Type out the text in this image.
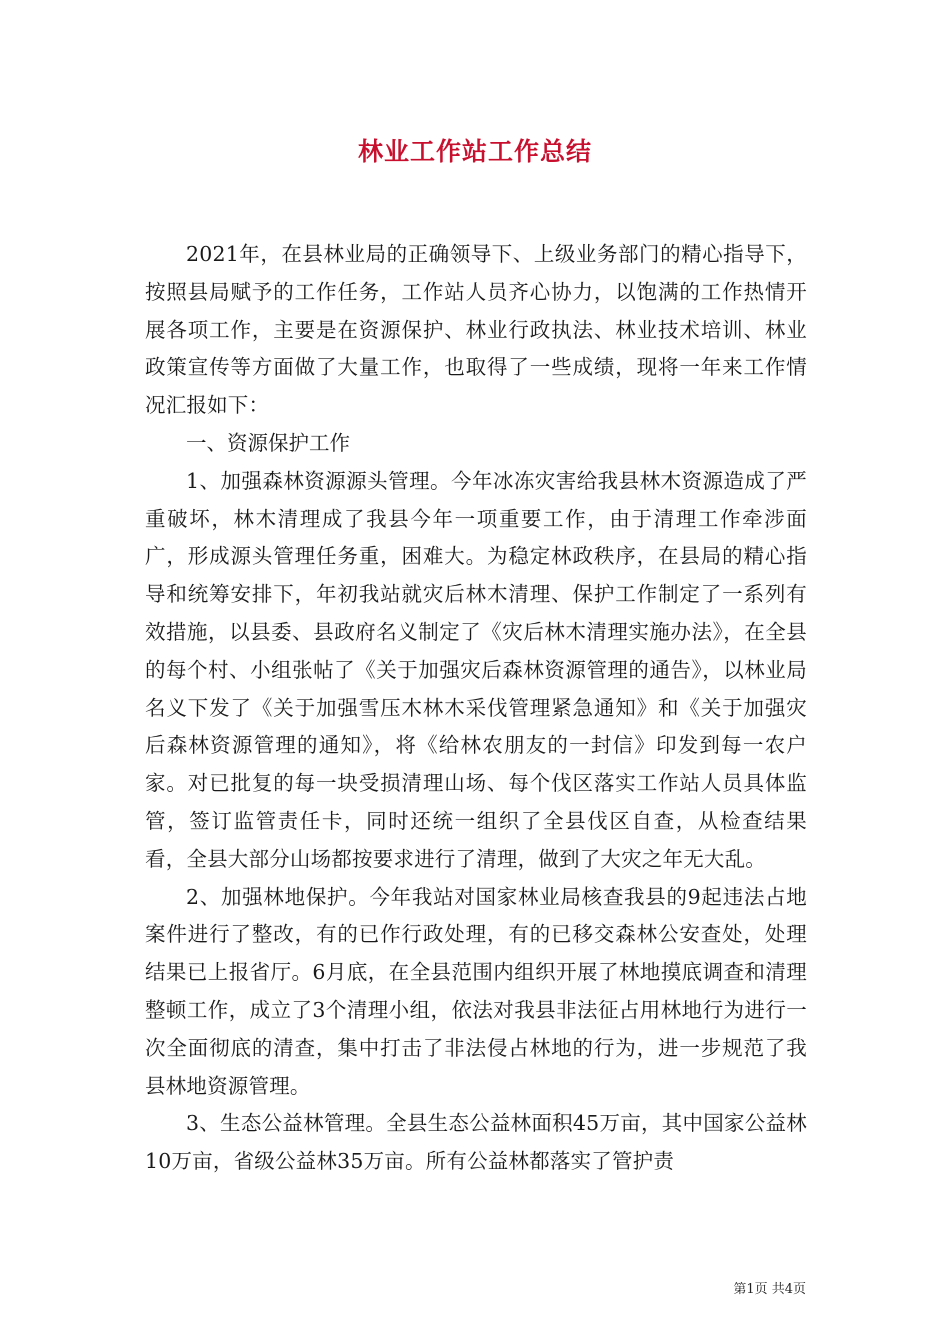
林业工作站工作总结

2021年，在县林业局的正确领导下、上级业务部门的精心指导下，按照县局赋予的工作任务，工作站人员齐心协力，以饱满的工作热情开展各项工作，主要是在资源保护、林业行政执法、林业技术培训、林业政策宣传等方面做了大量工作，也取得了一些成绩，现将一年来工作情况汇报如下：

一、资源保护工作

1、加强森林资源源头管理。今年冰冻灾害给我县林木资源造成了严重破坏，林木清理成了我县今年一项重要工作，由于清理工作牵涉面广，形成源头管理任务重，困难大。为稳定林政秩序，在县局的精心指导和统筹安排下，年初我站就灾后林木清理、保护工作制定了一系列有效措施，以县委、县政府名义制定了《灾后林木清理实施办法》，在全县的每个村、小组张帖了《关于加强灾后森林资源管理的通告》，以林业局名义下发了《关于加强雪压木林木采伐管理紧急通知》和《关于加强灾后森林资源管理的通知》，将《给林农朋友的一封信》印发到每一农户家。对已批复的每一块受损清理山场、每个伐区落实工作站人员具体监管，签订监管责任卡，同时还统一组织了全县伐区自查，从检查结果看，全县大部分山场都按要求进行了清理，做到了大灾之年无大乱。

2、加强林地保护。今年我站对国家林业局核查我县的9起违法占地案件进行了整改，有的已作行政处理，有的已移交森林公安查处，处理结果已上报省厅。6月底，在全县范围内组织开展了林地摸底调查和清理整顿工作，成立了3个清理小组，依法对我县非法征占用林地行为进行一次全面彻底的清查，集中打击了非法侵占林地的行为，进一步规范了我县林地资源管理。

3、生态公益林管理。全县生态公益林面积45万亩，其中国家公益林10万亩，省级公益林35万亩。所有公益林都落实了管护责

第1页 共4页
